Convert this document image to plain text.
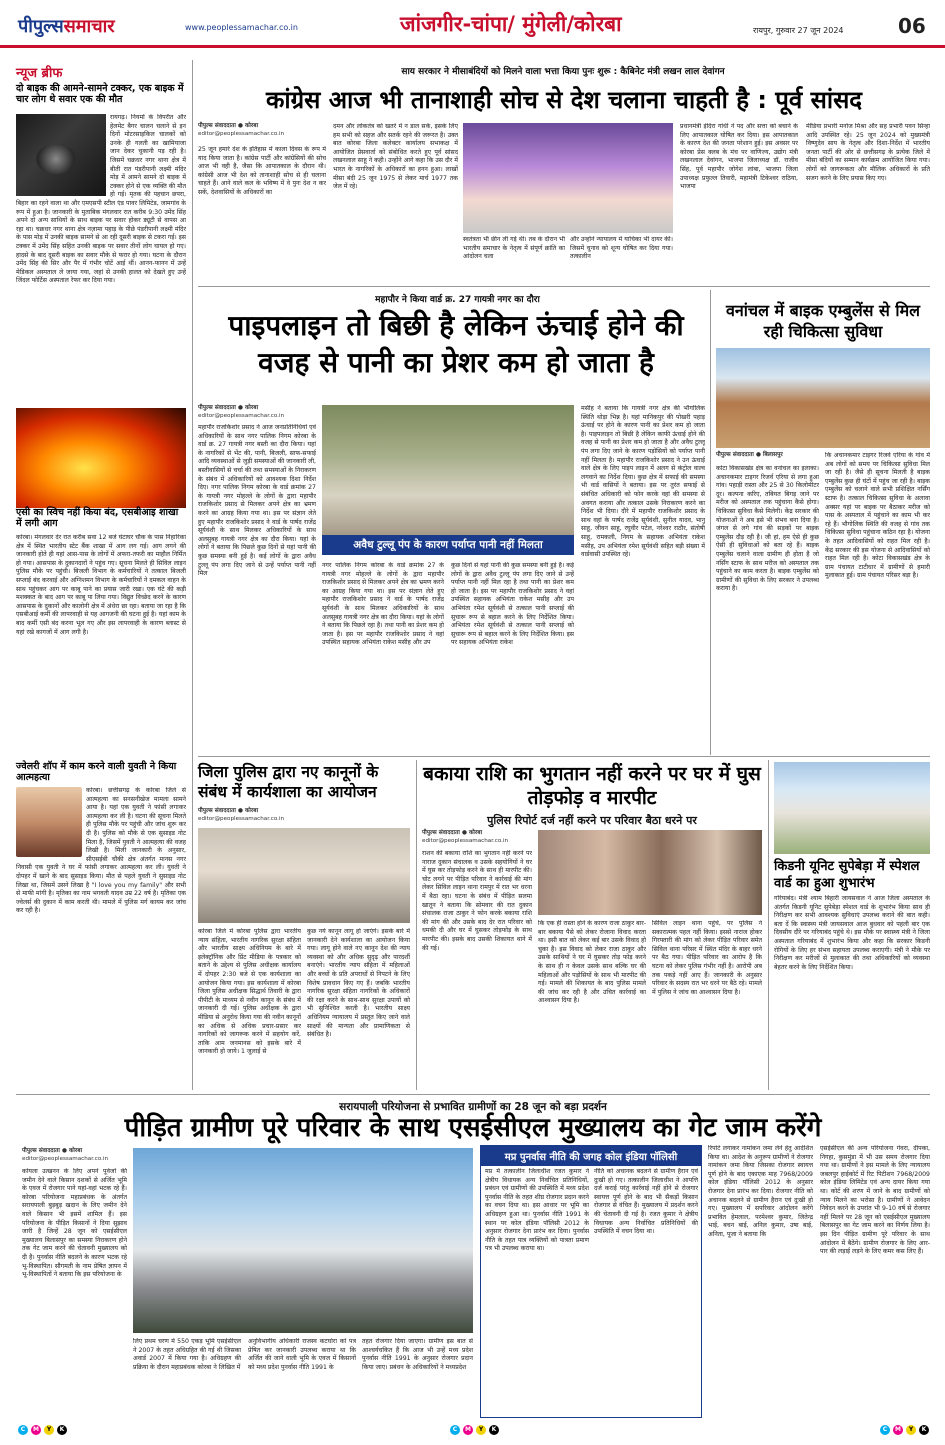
पीपुल्ससमाचार	www.peoplessamachar.co.in	जांजगीर-चांपा/ मुंगेली/कोरबा	रायपुर, गुरुवार 27 जून 2024	06
न्यूज ब्रीफ
दो बाइक की आमने-सामने टक्कर, एक बाइक में चार लोग थे सवार एक की मौत
रायगढ़। नियमों के विपरीत और हेलमेट बैगर चालन चलाने से इन दिनों मोटरसाइकिल चालकों को उनके ही गलती का खामियाजा जान देकर चुकानी पड़ रही है। जिसमें चक्रधर नगर थाना क्षेत्र में बीती रात पंडरीपानी लक्ष्मी मंदिर मोड़ में आमने सामने दो बाइक में टक्कर होने से एक व्यक्ति की मौत हो गई। मृतक की पहचान छपरा, बिहार का रहने वाला था और एमएसपी स्टील एंड पावर लिमिटेड, जामगांव के रूप में हुआ है। जानकारी के मुताबिक मंगलवार रात करीब 9:30 उमेंद सिंह अपने दो अन्य साथियों के साथ बाइक पर सवार होकर ड्यूटी से वापस आ रहा था। चक्रधर नगर थाना क्षेत्र नज़ामा पहाड़ के पीछे पंडरीपानी लक्ष्मी मंदिर के पास मोड़ में उनकी बाइक सामने से आ रही दूसरी बाइक से टकरा गई। इस टक्कर में उमेंद सिंह सहित उनकी बाइक पर सवार तीनों लोग घायल हो गए। हादसे के बाद दूसरी बाइक का सवार मौके से फरार हो गया। घटना के दौरान उमेंद सिंह की सिर और पैर में गंभीर चोटें आई थीं। आनन-फानन में उन्हें मेडिकल अस्पताल ले जाया गया, जहां से उनकी हालत को देखते हुए उन्हें जिंदल फोर्टिस अस्पताल रेफर कर दिया गया।
एसी का स्विच नहीं किया बंद, एसबीआइ शाखा में लगी आग
कोरबा। मंगलवार देर रात करीब सवा 12 बजे घंटाघर चौक के पास निहारिका क्षेत्र में स्थित भारतीय स्टेट बैंक शाखा में आग लग गई। आग लगने की जानकारी होते ही यहां आस-पास के लोगों में अफरा-तफरी का माहौल निर्मित हो गया। आसपास के दुकानदारों ने पहुंच गए। सूचना मिलते ही सिविल लाइन पुलिस मौके पर पहुंची। बिजली विभाग के कर्मचारियों ने तत्काल बिजली सप्लाई बंद करवाई और अग्निशमन विभाग के कर्मचारियों ने दमकल वाहन के साथ पहुंचकर आग पर काबू पाने का प्रयास जारी रखा। एक घंटे की कड़ी मशक्कत के बाद आग पर काबू पा लिया गया। विद्युत विच्छेद करने के कारण आसपास के दुकानों और कालोनी क्षेत्र में अंधेरा छा रहा। बताया जा रहा है कि एसबीआई कर्मी की लापरवाही से यह आगजनी की घटना हुई है। यहां काम के बाद कर्मी एसी बंद करना भूल गए और इस लापरवाही के कारण ब्लास्ट से यहां रखे कागजों में आग लगी है।
ज्वेलरी शॉप में काम करने वाली युवती ने किया आत्महत्या
कोरबा। छत्तीसगढ़ के कोरबा जिले से आत्महत्या का सनसनीखेज मामला सामने आया है। यहां एक युवती ने फांसी लगाकर आत्महत्या कर ली है। घटना की सूचना मिलते ही पुलिस मौके पर पहुंची और जांच शुरू कर दी है। पुलिस को मौके से एक सुसाइड नोट मिला है, जिसमें युवती ने आत्महत्या की वजह लिखी है। मिली जानकारी के अनुसार, सीएसईबी चौकी क्षेत्र अंतर्गत मानस नगर निवासी एक युवती ने घर में फांसी लगाकर आत्महत्या कर ली। युवती ने दोपहर में खाने के बाद सुसाइड किया। मौत से पहले युवती ने सुसाइड नोट लिखा था, जिसमें उसने लिखा है "I love you my family" और सभी से माफी मांगी है। मृतिका का नाम भगवती यादव उम्र 22 वर्ष है। मृतिका एक ज्वेलर्स की दुकान में काम करती थी। मामले में पुलिस मर्ग कायम कर जांच कर रही है।
साय सरकार ने मीसाबंदियों को मिलने वाला भत्ता किया पुनः शुरू : कैबिनेट मंत्री लखन लाल देवांगन
कांग्रेस आज भी तानाशाही सोच से देश चलाना चाहती है : पूर्व सांसद
पीपुल्स संवाददाता ● कोरबा
editor@peoplessamachar.co.in
25 जून हमारे देश के इतिहास में काला दिवस के रूप में याद किया जाता है। कांग्रेस पार्टी और कांग्रेसियों की सोच आज भी वही है, जैसा कि आपातकाल के दौरान थी। कांग्रेसी आज भी देश को तानाशाही सोच से ही चलाना चाहते हैं। आने वाले कल के भविष्य में वे पुनः देश न कर सकें, देशवासियों के अधिकारों का
दमन और लोकतंत्र को खतरे में न डाल सकें, इसके लिए हम सभी को सहज और सतर्क रहने की जरूरत है। उक्त बात कोरबा जिला कलेक्टर कार्यालय सभाकक्ष में आयोजित प्रेसवार्ता को संबोधित करते हुए पूर्व सांसद लखनलाल साहू ने कही। उन्होंने आगे कहा कि उस दौर में भारत के नागरिकों के अधिकारों का हनन हुआ। लाखों मीसा बंदी 25 जून 1975 से लेकर मार्च 1977 तक जेल में रहे।
स्वतंत्रता भी छीन ली गई थी। तब के दौरान भी भारतीय समाचार के नेतृत्व में संपूर्ण क्रांति का आंदोलन चला
और उन्होंने न्यायालय में याचिका भी दायर की। जिसमें चुनाव को शून्य घोषित कर दिया गया। तत्कालीन
प्रधानमंत्री इंदिरा गांधी ने पद और सत्ता को बचाने के लिए आपातकाल घोषित कर दिया। इस आपातकाल के कारण देश की जनता परेशान हुई। इस अवसर पर कोरबा प्रेस क्लब के मंच पर वाणिज्य, उद्योग मंत्री लखनलाल देवांगन, भाजपा जिलाध्यक्ष डॉ. राजीव सिंह, पूर्व महापौर जोगेश लांबा, भाजपा जिला उपाध्यक्ष प्रफुल्ल तिवारी, महामंत्री टिकेश्वर राठिया, भाजपा
मीडिया प्रभारी मनोज मिश्रा और सह प्रभारी पवन सिन्हा आदि उपस्थित रहे। 25 जून 2024 को मुख्यमंत्री विष्णुदेव साय के नेतृत्व और दिशा-निर्देश में भारतीय जनता पार्टी की ओर से छत्तीसगढ़ के प्रत्येक जिले में मीसा बंदियों का सम्मान कार्यक्रम आयोजित किया गया। लोगों को जागरूकता और मौलिक अधिकारों के प्रति सजग करने के लिए प्रयास किए गए।
महापौर ने किया वार्ड क्र. 27 गायत्री नगर का दौरा
पाइपलाइन तो बिछी है लेकिन ऊंचाई होने की वजह से पानी का प्रेशर कम हो जाता है
पीपुल्स संवाददाता ● कोरबा
editor@peoplessamachar.co.in
महापौर राजकिशोर प्रसाद ने आज जनप्रतिनिधियों एवं अधिकारियों के साथ नगर पालिक निगम कोरबा के वार्ड क्र. 27 गायत्री नगर बस्ती का दौरा किया। यहां के नागरिकों से भेंट की, पानी, बिजली, साफ-सफाई आदि व्यवस्थाओं से जुड़ी समस्याओं की जानकारी ली, बस्तीवासियों से चर्चा की तथा समस्याओं के निराकरण के संबंध में अधिकारियों को आवश्यक दिशा निर्देश दिए। नगर पालिक निगम कोरबा के वार्ड क्रमांक 27 के गायत्री नगर मोहल्ले के लोगों के द्वारा महापौर राजकिशोर प्रसाद से मिलकर अपने क्षेत्र का भ्रमण करने का आग्रह किया गया था। इस पर संज्ञान लेते हुए महापौर राजकिशोर प्रसाद ने वार्ड के पार्षद राजेंद्र सूर्यवंशी के साथ मिलकर अधिकारियों के साथ अलसुबह गायत्री नगर क्षेत्र का दौरा किया। यहां के लोगों ने बताया कि पिछले कुछ दिनों से यहां पानी की कुछ समस्या बनी हुई है। कई लोगों के द्वारा अवैध टुल्लू पंप लगा दिए जाने से उन्हें पर्याप्त पानी नहीं मिल
अवैध टुल्लू पंप के कारण पर्याप्त पानी नहीं मिलता
नगर पालिक निगम कोरबा के वार्ड क्रमांक 27 के गायत्री नगर मोहल्ले के लोगों के द्वारा महापौर राजकिशोर प्रसाद से मिलकर अपने क्षेत्र का भ्रमण करने का आग्रह किया गया था। इस पर संज्ञान लेते हुए महापौर राजकिशोर प्रसाद ने वार्ड के पार्षद राजेंद्र सूर्यवंशी के साथ मिलकर अधिकारियों के साथ अलसुबह गायत्री नगर क्षेत्र का दौरा किया। यहां के लोगों ने बताया कि पिछले रहा है। तथा पानी का प्रेशर कम हो जाता है। इस पर महापौर राजकिशोर प्रसाद ने वहां उपस्थित सहायक अभियंता राकेश मसीह और उप
कुछ दिनों से यहां पानी की कुछ समस्या बनी हुई है। कई लोगों के द्वारा अवैध टुल्लू पंप लगा दिए जाने से उन्हें पर्याप्त पानी नहीं मिल रहा है तथा पानी का प्रेशर कम हो जाता है। इस पर महापौर राजकिशोर प्रसाद ने वहां उपस्थित सहायक अभियंता राकेश मसीह और उप अभियंता रमेश सूर्यवंशी से तत्काल पानी सप्लाई की सुचारू रूप से बहाल करने के लिए निर्देशित किया। अभियंता रमेश सूर्यवंशी से तत्काल पानी सप्लाई को सुचारू रूप से बहाल करने के लिए निर्देशित किया। इस पर सहायक अभियंता राकेश
मसीह ने बताया कि गायत्री नगर क्षेत्र की भौगोलिक स्थिति थोड़ा भिन्न है। यहां मानिकपुर की पोखरी पहाड़ ऊंचाई पर होने के कारण पानी का प्रेशर कम हो जाता है। पाइपलाइन तो बिछी है लेकिन काफी ऊंचाई होने की वजह से पानी का प्रेशर कम हो जाता है और अवैध टुल्लू पंप लगा दिए जाने के कारण पड़ोसियों को पर्याप्त पानी नहीं मिलता है। महापौर राजकिशोर प्रसाद ने उन ऊंचाई वाले क्षेत्र के लिए पाइप लाइन में अलग से कंट्रोल वाल्व लगवाने का निर्देश दिया। कुछ क्षेत्र में सफाई की समस्या भी वार्ड वासियों ने बताया। इस पर तुरंत सफाई से संबंधित अधिकारी को फोन करके वहां की समस्या से अवगत कराया और तत्काल उसके निराकरण करने का निर्देश भी दिया। दौरे में महापौर राजकिशोर प्रसाद के साथ वहां के पार्षद राजेंद्र सूर्यवंशी, सुनील यादव, भानु साहू, जीवन साहू, रघुवीर पटेल, नरेश्वर राठौर, संतोषी साहू, रामकली, निगम के सहायक अभियंता राकेश मसीह, उप अभियंता रमेश सूर्यवंशी सहित बड़ी संख्या में वार्डवासी उपस्थित रहे।
वनांचल में बाइक एम्बुलेंस से मिल रही चिकित्सा सुविधा
पीपुल्स संवाददाता ● बिलासपुर
कोटा विकासखंड क्षेत्र का वनांचल का इलाका। अचानकमार टाइगर रिजर्व एरिया से लगा हुआ गांव। पहाड़ी रास्ता और 25 से 30 किलोमीटर दूर। कल्पना करिए, तबियत बिगड़ जाने पर मरीज को अस्पताल तक पहुंचाना कैसे होगा। चिकित्सा सुविधा कैसे मिलेगी। केंद्र सरकार की योजनाओं ने अब इसे भी संभव बना दिया है। जंगल से लगे गांव की सड़कों पर बाइक एम्बुलेंस दौड़ रही है। जी हां, हम ऐसे ही कुछ ऐसी ही सुविधाओं को बता रहे हैं। बाइक एम्बुलेंस चलाने वाला ग्रामीण ही होता है जो नर्सिंग स्टाफ के साथ मरीज को अस्पताल तक पहुंचाने का काम करता है। बाइक एम्बुलेंस को ग्रामीणों की सुविधा के लिए सरकार ने उपलब्ध कराया है।
कि अचानकमार टाइगर रिजर्व एरिया के गांव में अब लोगों को समय पर चिकित्सा सुविधा मिल जा रही है। जैसे ही सूचना मिलती है बाइक एम्बुलेंस कुछ ही घंटों में पहुंच जा रही है। बाइक एम्बुलेंस को चलाने वाले सभी प्रशिक्षित नर्सिंग स्टाफ है। तत्काल चिकित्सा सुविधा के अलावा अक्सर यहां पर बाइक पर बैठाकर मरीज को पास के अस्पताल में पहुंचाने का काम भी कर रहे हैं। भौगोलिक स्थिति की वजह से गांव तक चिकित्सा सुविधा पहुंचाना कठिन रहा है। योजना के तहत आदिवासियों को राहत मिल रही है। केंद्र सरकार की इस योजना से आदिवासियों को राहत मिल रही है। कोटा विकासखंड क्षेत्र के ग्राम पंचायत टाटीधार में ग्रामीणों से हमारी मुलाकात हुई। ग्राम पंचायत परिसर बड़ा है।
जिला पुलिस द्वारा नए कानूनों के संबंध में कार्यशाला का आयोजन
पीपुल्स संवाददाता ● कोरबा
editor@peoplessamachar.co.in
कोरबा जिले में कोरबा पुलिस द्वारा भारतीय न्याय संहिता, भारतीय नागरिक सुरक्षा संहिता और भारतीय साक्ष्य अधिनियम के बारे में इलेक्ट्रॉनिक और प्रिंट मीडिया के पत्रकार को बताने के उद्देश्य से पुलिस अधीक्षक कार्यालय में दोपहर 2:30 बजे से एक कार्यशाला का आयोजन किया गया। इस कार्यशाला में कोरबा जिला पुलिस अधीक्षक सिद्धार्थ तिवारी के द्वारा पीपीटी के माध्यम से नवीन कानून के संबंध में जानकारी दी गई। पुलिस अधीक्षक के द्वारा मीडिया से अनुरोध किया गया की नवीन कानूनों का अधिक से अधिक प्रचार-प्रसार कर नागरिकों को जागरूक करने में सहयोग करें, ताकि आम जनमानस को इसके बारे में जानकारी हो जाये। 1 जुलाई से
कुछ नये कानून लागू हो जाएंगे। इसके बारे में जानकारी देने कार्यशाला का आयोजन किया गया। लागू होने वाले नए कानून देश की न्याय व्यवस्था को और अधिक सुदृढ़ और पारदर्शी बनाएंगे। भारतीय न्याय संहिता में महिलाओं और बच्चों के प्रति अपराधों से निपटने के लिए विशेष प्रावधान किए गए हैं। जबकि भारतीय नागरिक सुरक्षा संहिता नागरिकों के अधिकारों की रक्षा करने के साथ-साथ सुरक्षा उपायों को भी सुनिश्चित करती है। भारतीय साक्ष्य अधिनियम न्यायालय में प्रस्तुत किए जाने वाले साक्ष्यों की मान्यता और प्रामाणिकता से संबंधित है।
बकाया राशि का भुगतान नहीं करने पर घर में घुस तोड़फोड़ व मारपीट
पुलिस रिपोर्ट दर्ज नहीं करने पर परिवार बैठा धरने पर
पीपुल्स संवाददाता ● कोरबा
editor@peoplessamachar.co.in
राशन की बकाया राशि का भुगतान नहीं करने पर नाराज दुकान संचालक व उसके सहयोगियों ने घर में घुस कर तोड़फोड़ करने के साथ ही मारपीट की। चोट लगने पर पीड़ित परिवार ने कार्रवाई की मांग लेकर सिविल लाइन थाना रामपुर में रात भर धरना में बैठा रहा। घटना के संबंध में पीड़ित सलमा खातून ने बताया कि सोमवार की रात दुकान संचालक राजा ठाकुर ने फोन करके बकाया राशि की मांग की और उसके बाद देर रात परिवार को धमकी दी और घर में घुसकर तोड़फोड़ के साथ मारपीट की। इसके बाद उसकी शिकायत थाने में की गई।
कि एक ही रास्ता होने के कारण राजा ठाकुर बार-बार बकाया पैसे को लेकर रोजाना विवाद करता था। इसी बात को लेकर कई बार उसके विवाद हो चुका है। इस विवाद को लेकर राजा ठाकुर और उसके साथियों ने घर में घुसकर तोड़ फोड़ करने के साथ ही न केवल उसके साथ बल्कि घर की महिलाओं और पड़ोसियों के साथ भी मारपीट की गई। मामले की शिकायत के बाद पुलिस मामले की जांच कर रही है और उचित कार्रवाई का आश्वासन दिया है।
सिविल लाइन थाना पहुंचे, पर पुलिस ने सकारात्मक पहल नहीं किया। इससे नाराज होकर गिरफ्तारी की मांग को लेकर पीड़ित परिवार समेत सिविल थाना परिसर में स्थित मंदिर के बाहर धरने पर बैठ गया। पीड़ित परिवार का आरोप है कि घटना को लेकर पुलिस गंभीर नहीं है। आरोपी अब तक पकड़े नहीं आए हैं। जानकारी के अनुसार परिवार के सदस्य रात भर धरने पर बैठे रहे। मामले में पुलिस ने जांच का आश्वासन दिया है।
किडनी यूनिट सुपेबेड़ा में स्पेशल वार्ड का हुआ शुभारंभ
गरियाबंद। मंत्री श्याम बिहारी जायसवाल ने आज जिला अस्पताल के अंतर्गत किडनी यूनिट सुपेबेड़ा स्पेशल वार्ड के शुभारंभ किया साथ ही निरीक्षण कर सभी आवश्यक सुविधाएं उपलब्ध कराने की बात कही। बता दें कि स्वास्थ्य मंत्री जायसवाल आज बुधवार को पहली बार एक दिवसीय दौरे पर गरियाबंद पहुंचे थे। इस मौके पर स्वास्थ्य मंत्री ने जिला अस्पताल गरियाबंद में शुभारंभ किया और कहा कि सरकार किडनी रोगियों के लिए हर संभव सहायता उपलब्ध कराएगी। मंत्री ने मौके पर निरीक्षण कर मरीजों से मुलाकात की तथा अधिकारियों को व्यवस्था बेहतर करने के लिए निर्देशित किया।
सरायपाली परियोजना से प्रभावित ग्रामीणों का 28 जून को बड़ा प्रदर्शन
पीड़ित ग्रामीण पूरे परिवार के साथ एसईसीएल मुख्यालय का गेट जाम करेंगे
पीपुल्स संवाददाता ● कोरबा
editor@peoplessamachar.co.in
कोयला उत्खनन के लिए अपने पूर्वजों की जमीन देने वाले किसान दशकों से अर्जित भूमि के एवज में रोजगार पाने यहां-वहां भटक रहे हैं। कोरबा परियोजना महाप्रबंधक के अंतर्गत सरायपाली बुड़बुड़ खदान के लिए जमीन देने वाले किसान भी इसमें शामिल हैं। इस परियोजना के पीड़ित किसानों ने दिया सुझाव जारी है जिन्हें 28 जून को एसईसीएल मुख्यालय बिलासपुर का समस्या निराकरण होने तक गेट जाम करने की चेतावनी मुख्यालय को दी है। पुनर्वास नीति बदलने के कारण भटक रहे भू-विस्थापित। सौगमती के नाम प्रेषित ज्ञापन में भू-विस्थापितों ने बताया कि इस परियोजना के
लिए प्रथम चरण में 550 एकड़ भूमि एसईसीएल ने 2007 के तहत अधिग्रहित की गई थी जिसका अवार्ड 2007 में किया गया है। अधिग्रहण की प्रक्रिया के दौरान महाप्रबंधक कोरबा ने लिखित में
अनुविभागीय अधिकारी राजस्व कटघोरा को पत्र प्रेषित कर जानकारी उपलब्ध कराया था कि अर्जित की जाने वाली भूमि के एवज में किसानों को मध्य प्रदेश पुनर्वास नीति 1991 के
तहत रोजगार दिया जाएगा। ग्रामीण इस बात से आश्चर्यचकित हैं कि आज भी उन्हें मध्य प्रदेश पुनर्वास नीति 1991 के अनुसार रोजगार प्रदान किया जाए। प्रबंधन के अधिकारियों ने मध्यप्रदेश
मप्र पुनर्वास नीति की जगह कोल इंडिया पॉलिसी
मप्र में तत्कालीन जिलाधीश रजत कुमार ने क्षेत्रीय विधायक अन्य निर्वाचित प्रतिनिधियों, प्रबंधन एवं ग्रामीणों की उपस्थिति में मध्य प्रदेश पुनर्वास नीति के तहत शीघ्र रोजगार प्रदान करने का वचन दिया था। इस आधार पर भूमि का अधिग्रहण हुआ था। पुनर्वास नीति 1991 के स्थान पर कोल इंडिया पॉलिसी 2012 के अनुसार रोजगार देना प्रारंभ कर दिया। पुनर्वास नीति के तहत पात्र व्यक्तियों को पात्रता प्रमाण पत्र भी उपलब्ध कराया था।
नीति को अचानक बदलने से ग्रामीण हैरान एवं दुःखी हो गए। तत्कालीन जिलाधीश ने आपत्ति दर्ज कराई परंतु कार्रवाई नहीं होने से रोजगार स्वायत्त पूर्ण होने के बाद भी सैकड़ों किसान रोजगार से वंचित हैं। मुख्यालय में प्रदर्शन करने की चेतावनी दी गई है। रजत कुमार ने क्षेत्रीय विधायक अन्य निर्वाचित प्रतिनिधियों की उपस्थिति में वचन दिया था।
रिपोर्ट लगाकर नामांकन जमा लेने हेतु आदेशित किया था। आदेश के अनुरूप ग्रामीणों ने रोजगार नामांकन जमा किया जिसका रोजगार स्वायत्त पूर्ण होने के बाद एकाएक माह 7968/2009 कोल इंडिया पॉलिसी 2012 के अनुसार रोजगार देना प्रारंभ कर दिया। रोजगार नीति को अचानक बदलने से ग्रामीण हैरान एवं दुःखी हो गए। मुख्यालय में सपरिवार आंदोलन करेंगे प्रभावित हेमलाल, परमेश्वर कुमार, जितेन्द्र भाई, बचन बाई, अनिल कुमार, उषा बाई, अनिता, पूजा ने बताया कि
एसईसीएल की अन्य परियोजना गेवरा, दीपका, निगहा, कुसमुंडा में भी उस समय रोजगार दिया गया था। ग्रामीणों ने इस मामले के लिए न्यायालय जबलपुर हाईकोर्ट में रिट पिटीशन 7968/2009 कोल इंडिया लिमिटेड एवं अन्य दायर किया गया था। कोर्ट की शरण में जाने के बाद ग्रामीणों को न्याय मिलने का भरोसा है। ग्रामीणों ने आवेदन निवेदन करने के उपरांत भी 9-10 वर्ष से रोजगार नहीं मिलने पर 28 जून को एसईसीएल मुख्यालय बिलासपुर का गेट जाम करने का निर्णय लिया है। इस दिन पीड़ित ग्रामीण पूरे परिवार के साथ आंदोलन में बैठेंगे। ग्रामीण रोजगार के लिए आर-पार की लड़ाई लड़ने के लिए कमर कस लिए हैं।
C	M	Y	K	C	M	Y	K	C	M	Y	K
